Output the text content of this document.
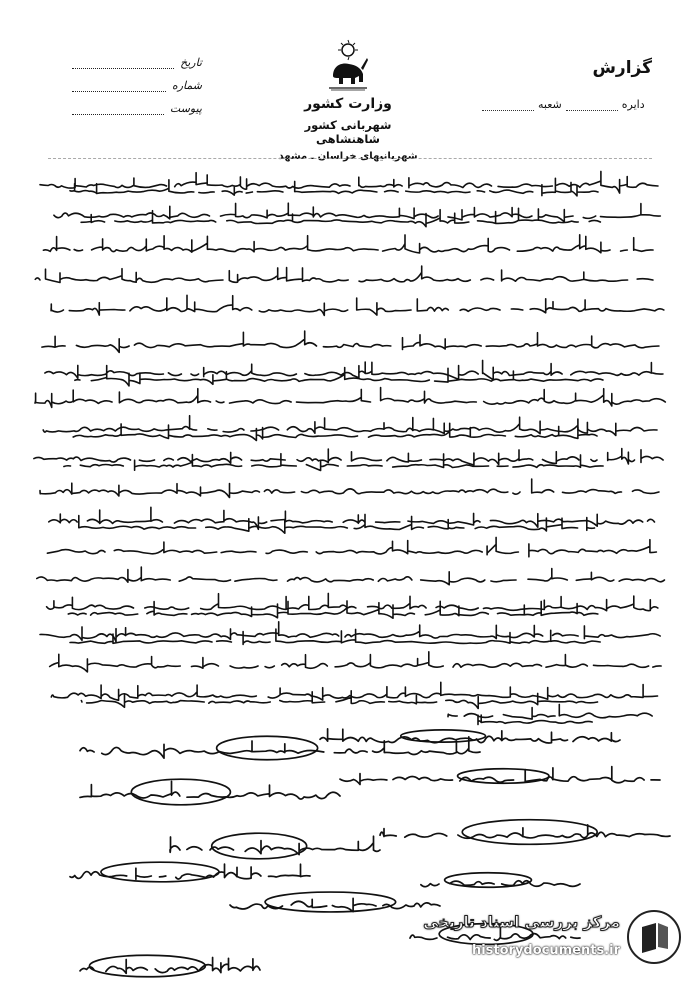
گزارش

دایره
شعبه

وزارت کشور

شهربانی کشور شاهنشاهی

شهربانیهای خراسان ـ مشهد

تاریخ
شماره
پیوست
مرکز بررسی اسناد تاریخی
historydocuments.ir
